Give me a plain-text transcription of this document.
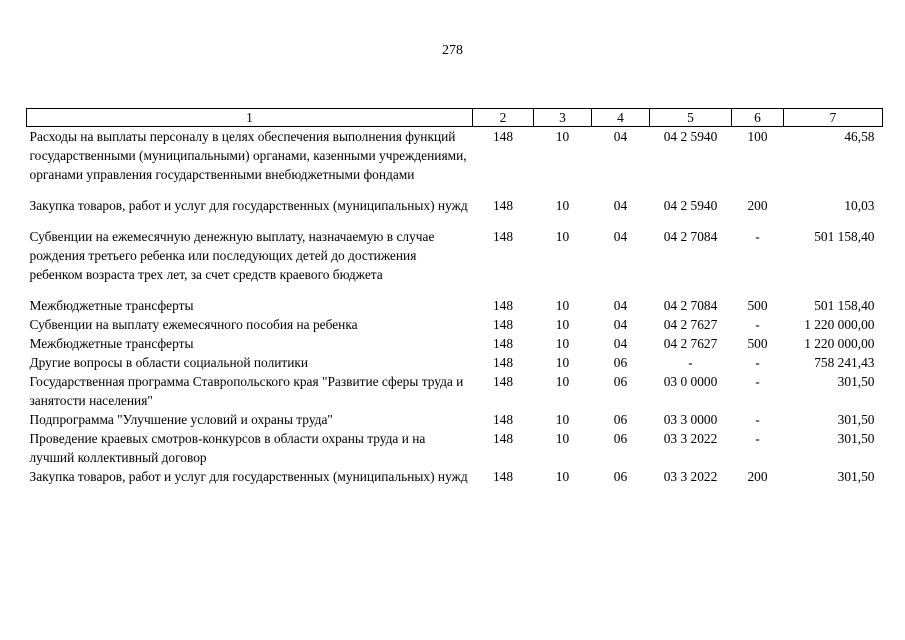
278
1	2	3	4	5	6	7
Расходы на выплаты персоналу в целях обеспечения выполнения функций государственными (муниципальными) органами, казенными учреждениями, органами управления государственными внебюджетными фондами	148	10	04	04 2 5940	100	46,58
Закупка товаров, работ и услуг для государственных (муниципальных) нужд	148	10	04	04 2 5940	200	10,03
Субвенции на ежемесячную денежную выплату, назначаемую в случае рождения третьего ребенка или последующих детей до достижения ребенком возраста трех лет, за счет средств краевого бюджета	148	10	04	04 2 7084	-	501 158,40
Межбюджетные трансферты	148	10	04	04 2 7084	500	501 158,40
Субвенции на выплату ежемесячного пособия на ребенка	148	10	04	04 2 7627	-	1 220 000,00
Межбюджетные трансферты	148	10	04	04 2 7627	500	1 220 000,00
Другие вопросы в области социальной политики	148	10	06	-	-	758 241,43
Государственная программа Ставропольского края "Развитие сферы труда и занятости населения"	148	10	06	03 0 0000	-	301,50
Подпрограмма "Улучшение условий и охраны труда"	148	10	06	03 3 0000	-	301,50
Проведение краевых смотров-конкурсов в области охраны труда и на лучший коллективный договор	148	10	06	03 3 2022	-	301,50
Закупка товаров, работ и услуг для государственных (муниципальных) нужд	148	10	06	03 3 2022	200	301,50
